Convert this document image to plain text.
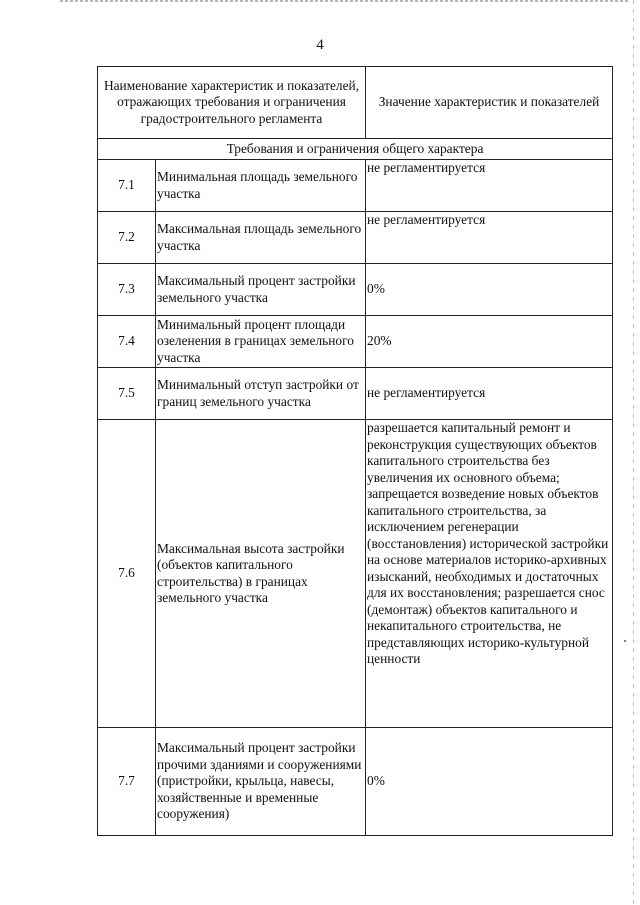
4
Наименование характеристик и показателей, отражающих требования и ограничения градостроительного регламента		Значение характеристик и показателей
Требования и ограничения общего характера		
7.1	Минимальная площадь земельного участка	не регламентируется
7.2	Максимальная площадь земельного участка	не регламентируется
7.3	Максимальный процент застройки земельного участка	0%
7.4	Минимальный процент площади озеленения в границах земельного участка	20%
7.5	Минимальный отступ застройки от границ земельного участка	не регламентируется
7.6	Максимальная высота застройки (объектов капитального строительства) в границах земельного участка	разрешается капитальный ремонт и реконструкция существующих объектов капитального строительства без увеличения их основного объема; запрещается возведение новых объектов капитального строительства, за исключением регенерации (восстановления) исторической застройки на основе материалов историко-архивных изысканий, необходимых и достаточных для их восстановления; разрешается снос (демонтаж) объектов капитального и некапитального строительства, не представляющих историко-культурной ценности
7.7	Максимальный процент застройки прочими зданиями и сооружениями (пристройки, крыльца, навесы, хозяйственные и временные сооружения)	0%
